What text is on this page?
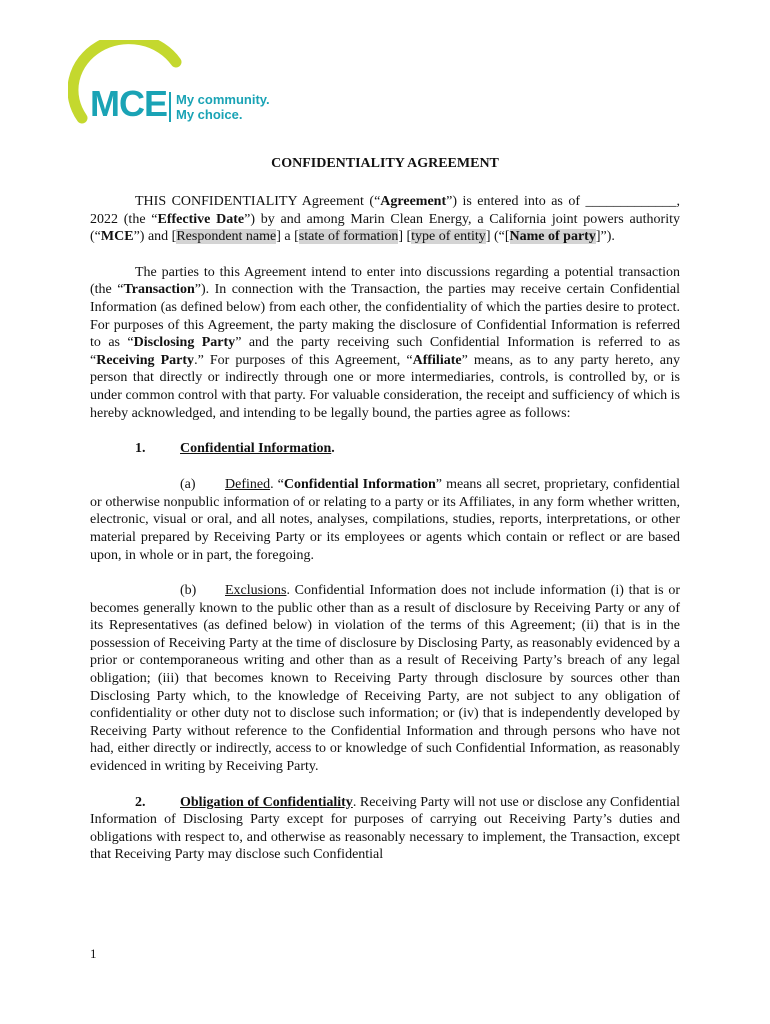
MCE My community.
My choice.
CONFIDENTIALITY AGREEMENT

THIS CONFIDENTIALITY Agreement (“Agreement”) is entered into as of _____________, 2022 (the “Effective Date”) by and among Marin Clean Energy, a California joint powers authority (“MCE”) and [Respondent name] a [state of formation] [type of entity] (“[Name of party]”).

The parties to this Agreement intend to enter into discussions regarding a potential transaction (the “Transaction”). In connection with the Transaction, the parties may receive certain Confidential Information (as defined below) from each other, the confidentiality of which the parties desire to protect. For purposes of this Agreement, the party making the disclosure of Confidential Information is referred to as “Disclosing Party” and the party receiving such Confidential Information is referred to as “Receiving Party.” For purposes of this Agreement, “Affiliate” means, as to any party hereto, any person that directly or indirectly through one or more intermediaries, controls, is controlled by, or is under common control with that party. For valuable consideration, the receipt and sufficiency of which is hereby acknowledged, and intending to be legally bound, the parties agree as follows:

1. Confidential Information.

(a) Defined. “Confidential Information” means all secret, proprietary, confidential or otherwise nonpublic information of or relating to a party or its Affiliates, in any form whether written, electronic, visual or oral, and all notes, analyses, compilations, studies, reports, interpretations, or other material prepared by Receiving Party or its employees or agents which contain or reflect or are based upon, in whole or in part, the foregoing.

(b) Exclusions. Confidential Information does not include information (i) that is or becomes generally known to the public other than as a result of disclosure by Receiving Party or any of its Representatives (as defined below) in violation of the terms of this Agreement; (ii) that is in the possession of Receiving Party at the time of disclosure by Disclosing Party, as reasonably evidenced by a prior or contemporaneous writing and other than as a result of Receiving Party’s breach of any legal obligation; (iii) that becomes known to Receiving Party through disclosure by sources other than Disclosing Party which, to the knowledge of Receiving Party, are not subject to any obligation of confidentiality or other duty not to disclose such information; or (iv) that is independently developed by Receiving Party without reference to the Confidential Information and through persons who have not had, either directly or indirectly, access to or knowledge of such Confidential Information, as reasonably evidenced in writing by Receiving Party.

2. Obligation of Confidentiality. Receiving Party will not use or disclose any Confidential Information of Disclosing Party except for purposes of carrying out Receiving Party’s duties and obligations with respect to, and otherwise as reasonably necessary to implement, the Transaction, except that Receiving Party may disclose such Confidential

1
